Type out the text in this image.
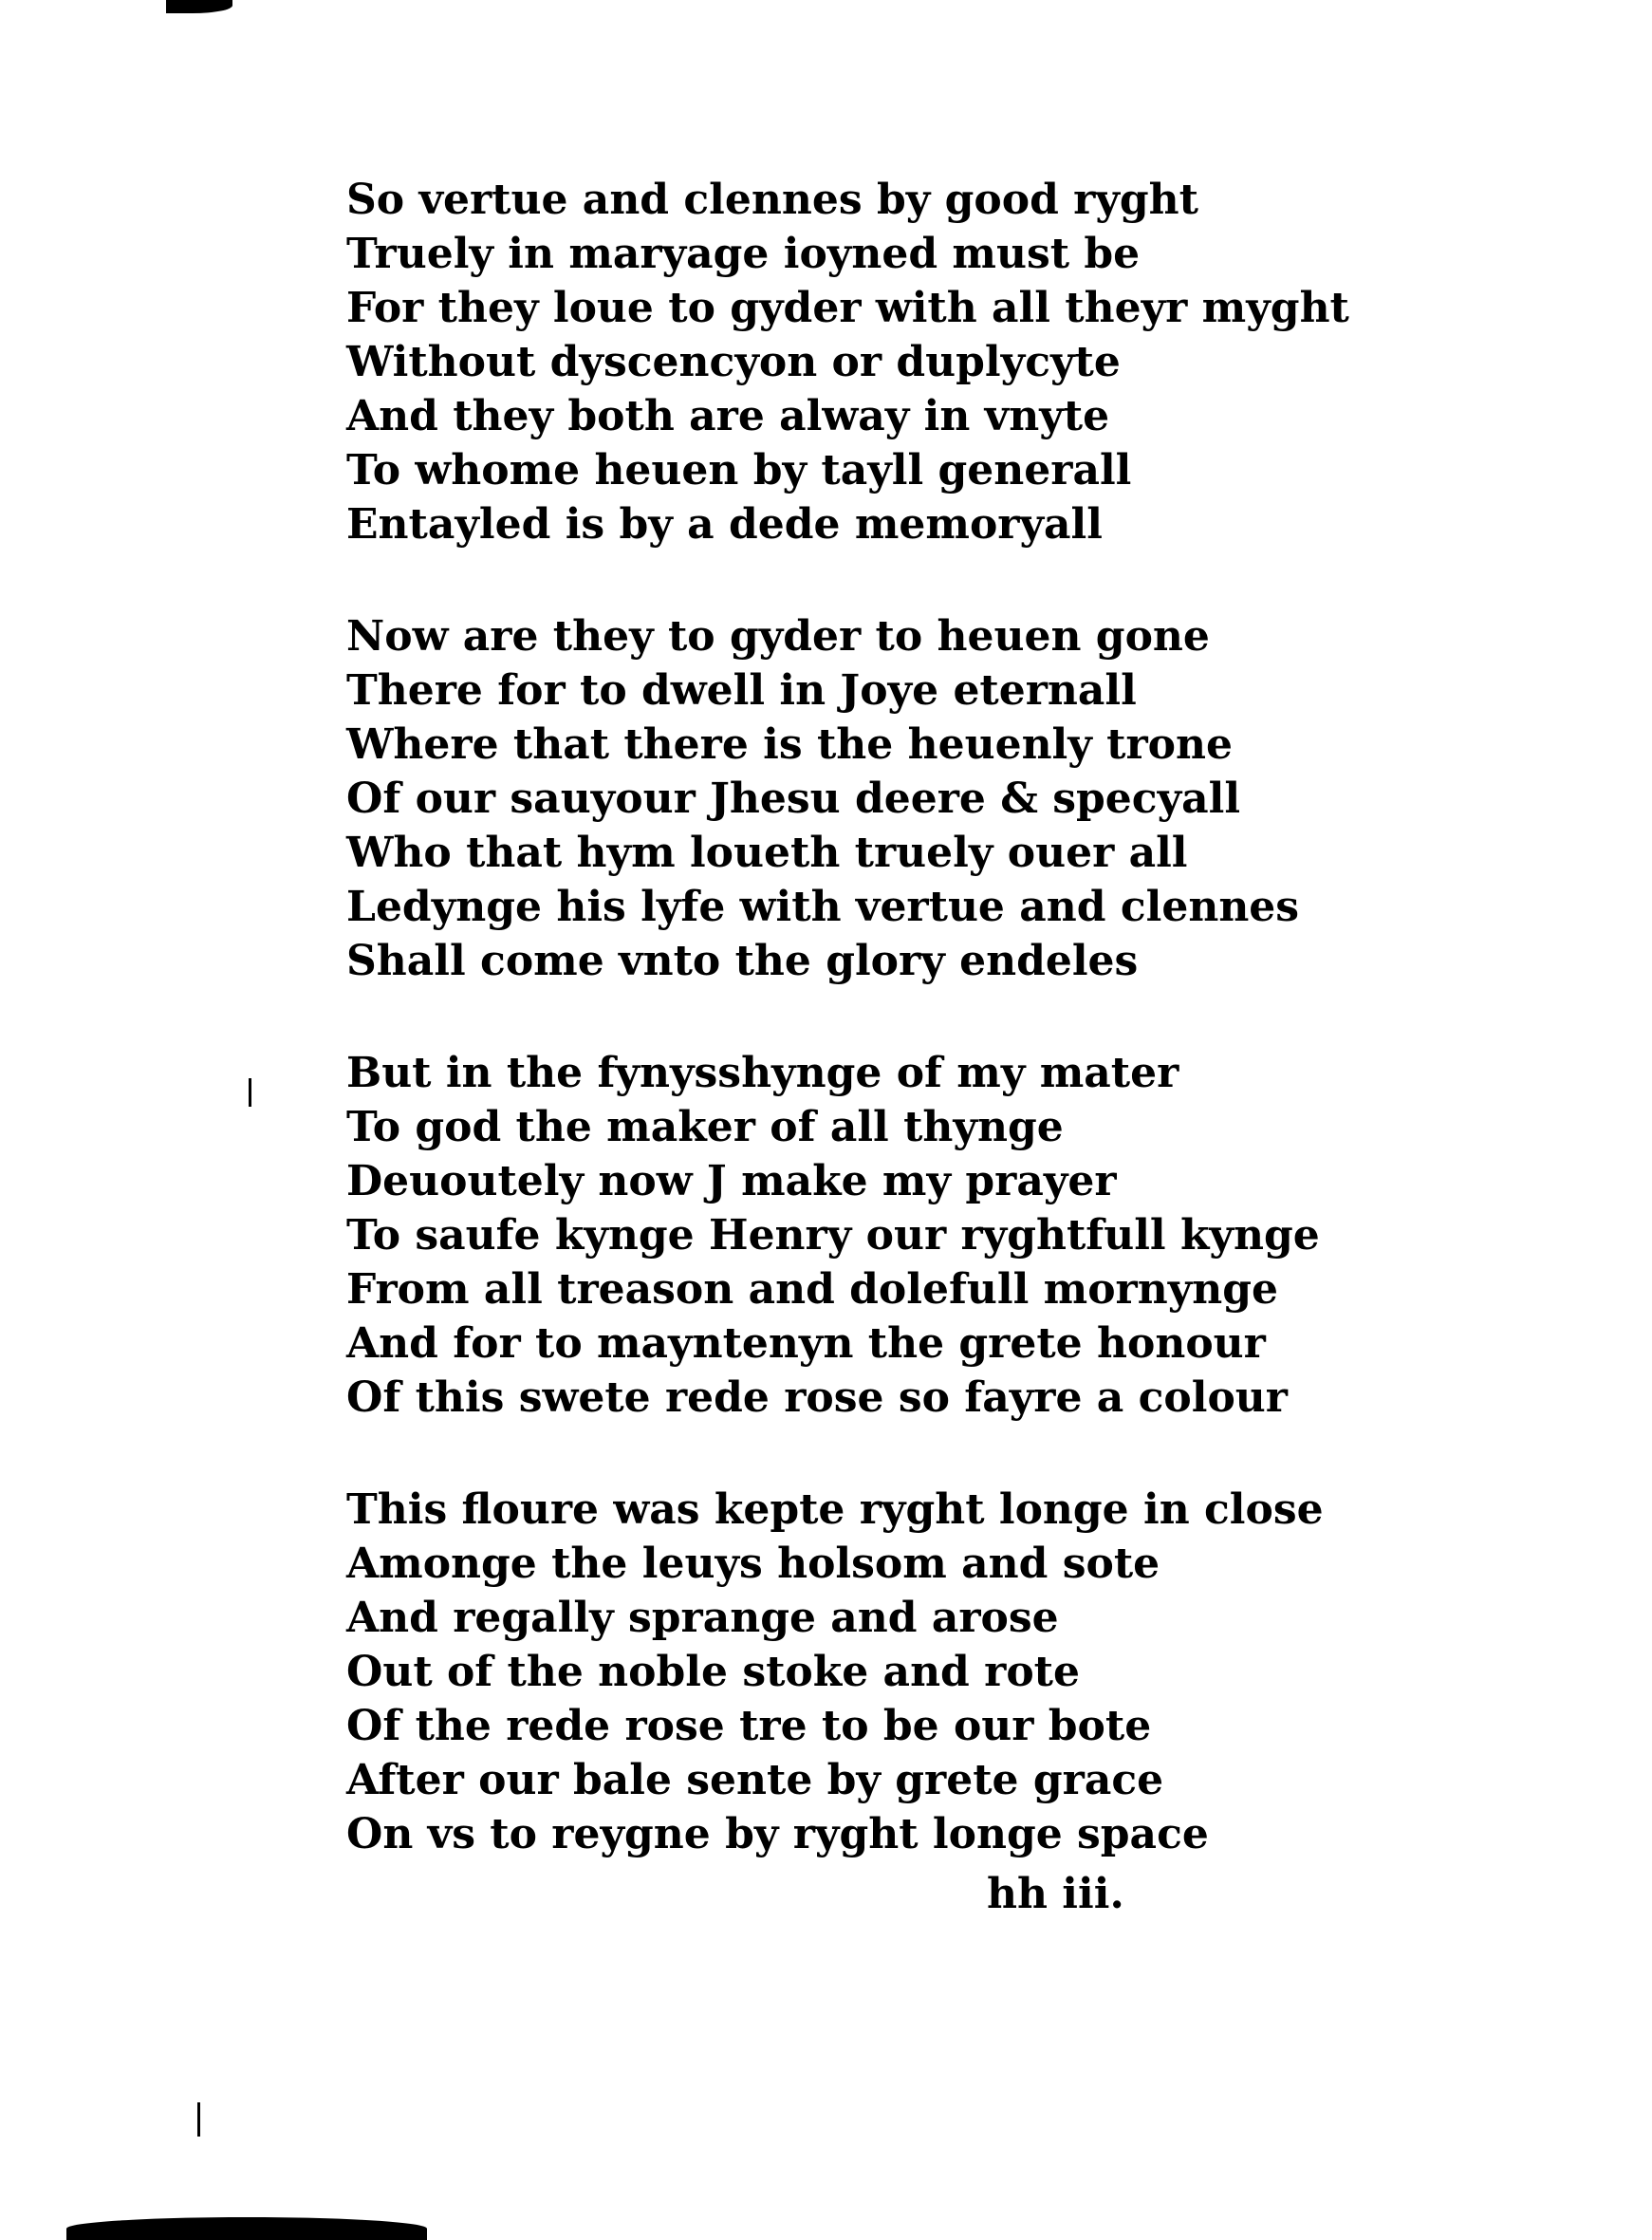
So vertue and clennes by good ryght
Truely in maryage ioyned must be
For they loue to gyder with all theyr myght
Without dyscencyon or duplycyte
And they both are alway in vnyte
To whome heuen by tayll generall
Entayled is by a dede memoryall
Now are they to gyder to heuen gone
There for to dwell in Joye eternall
Where that there is the heuenly trone
Of our sauyour Jhesu deere & specyall
Who that hym loueth truely ouer all
Ledynge his lyfe with vertue and clennes
Shall come vnto the glory endeles
But in the fynysshynge of my mater
To god the maker of all thynge
Deuoutely now J make my prayer
To saufe kynge Henry our ryghtfull kynge
From all treason and dolefull mornynge
And for to mayntenyn the grete honour
Of this swete rede rose so fayre a colour
This floure was kepte ryght longe in close
Amonge the leuys holsom and sote
And regally sprange and arose
Out of the noble stoke and rote
Of the rede rose tre to be our bote
After our bale sente by grete grace
On vs to reygne by ryght longe space
hh iii.
